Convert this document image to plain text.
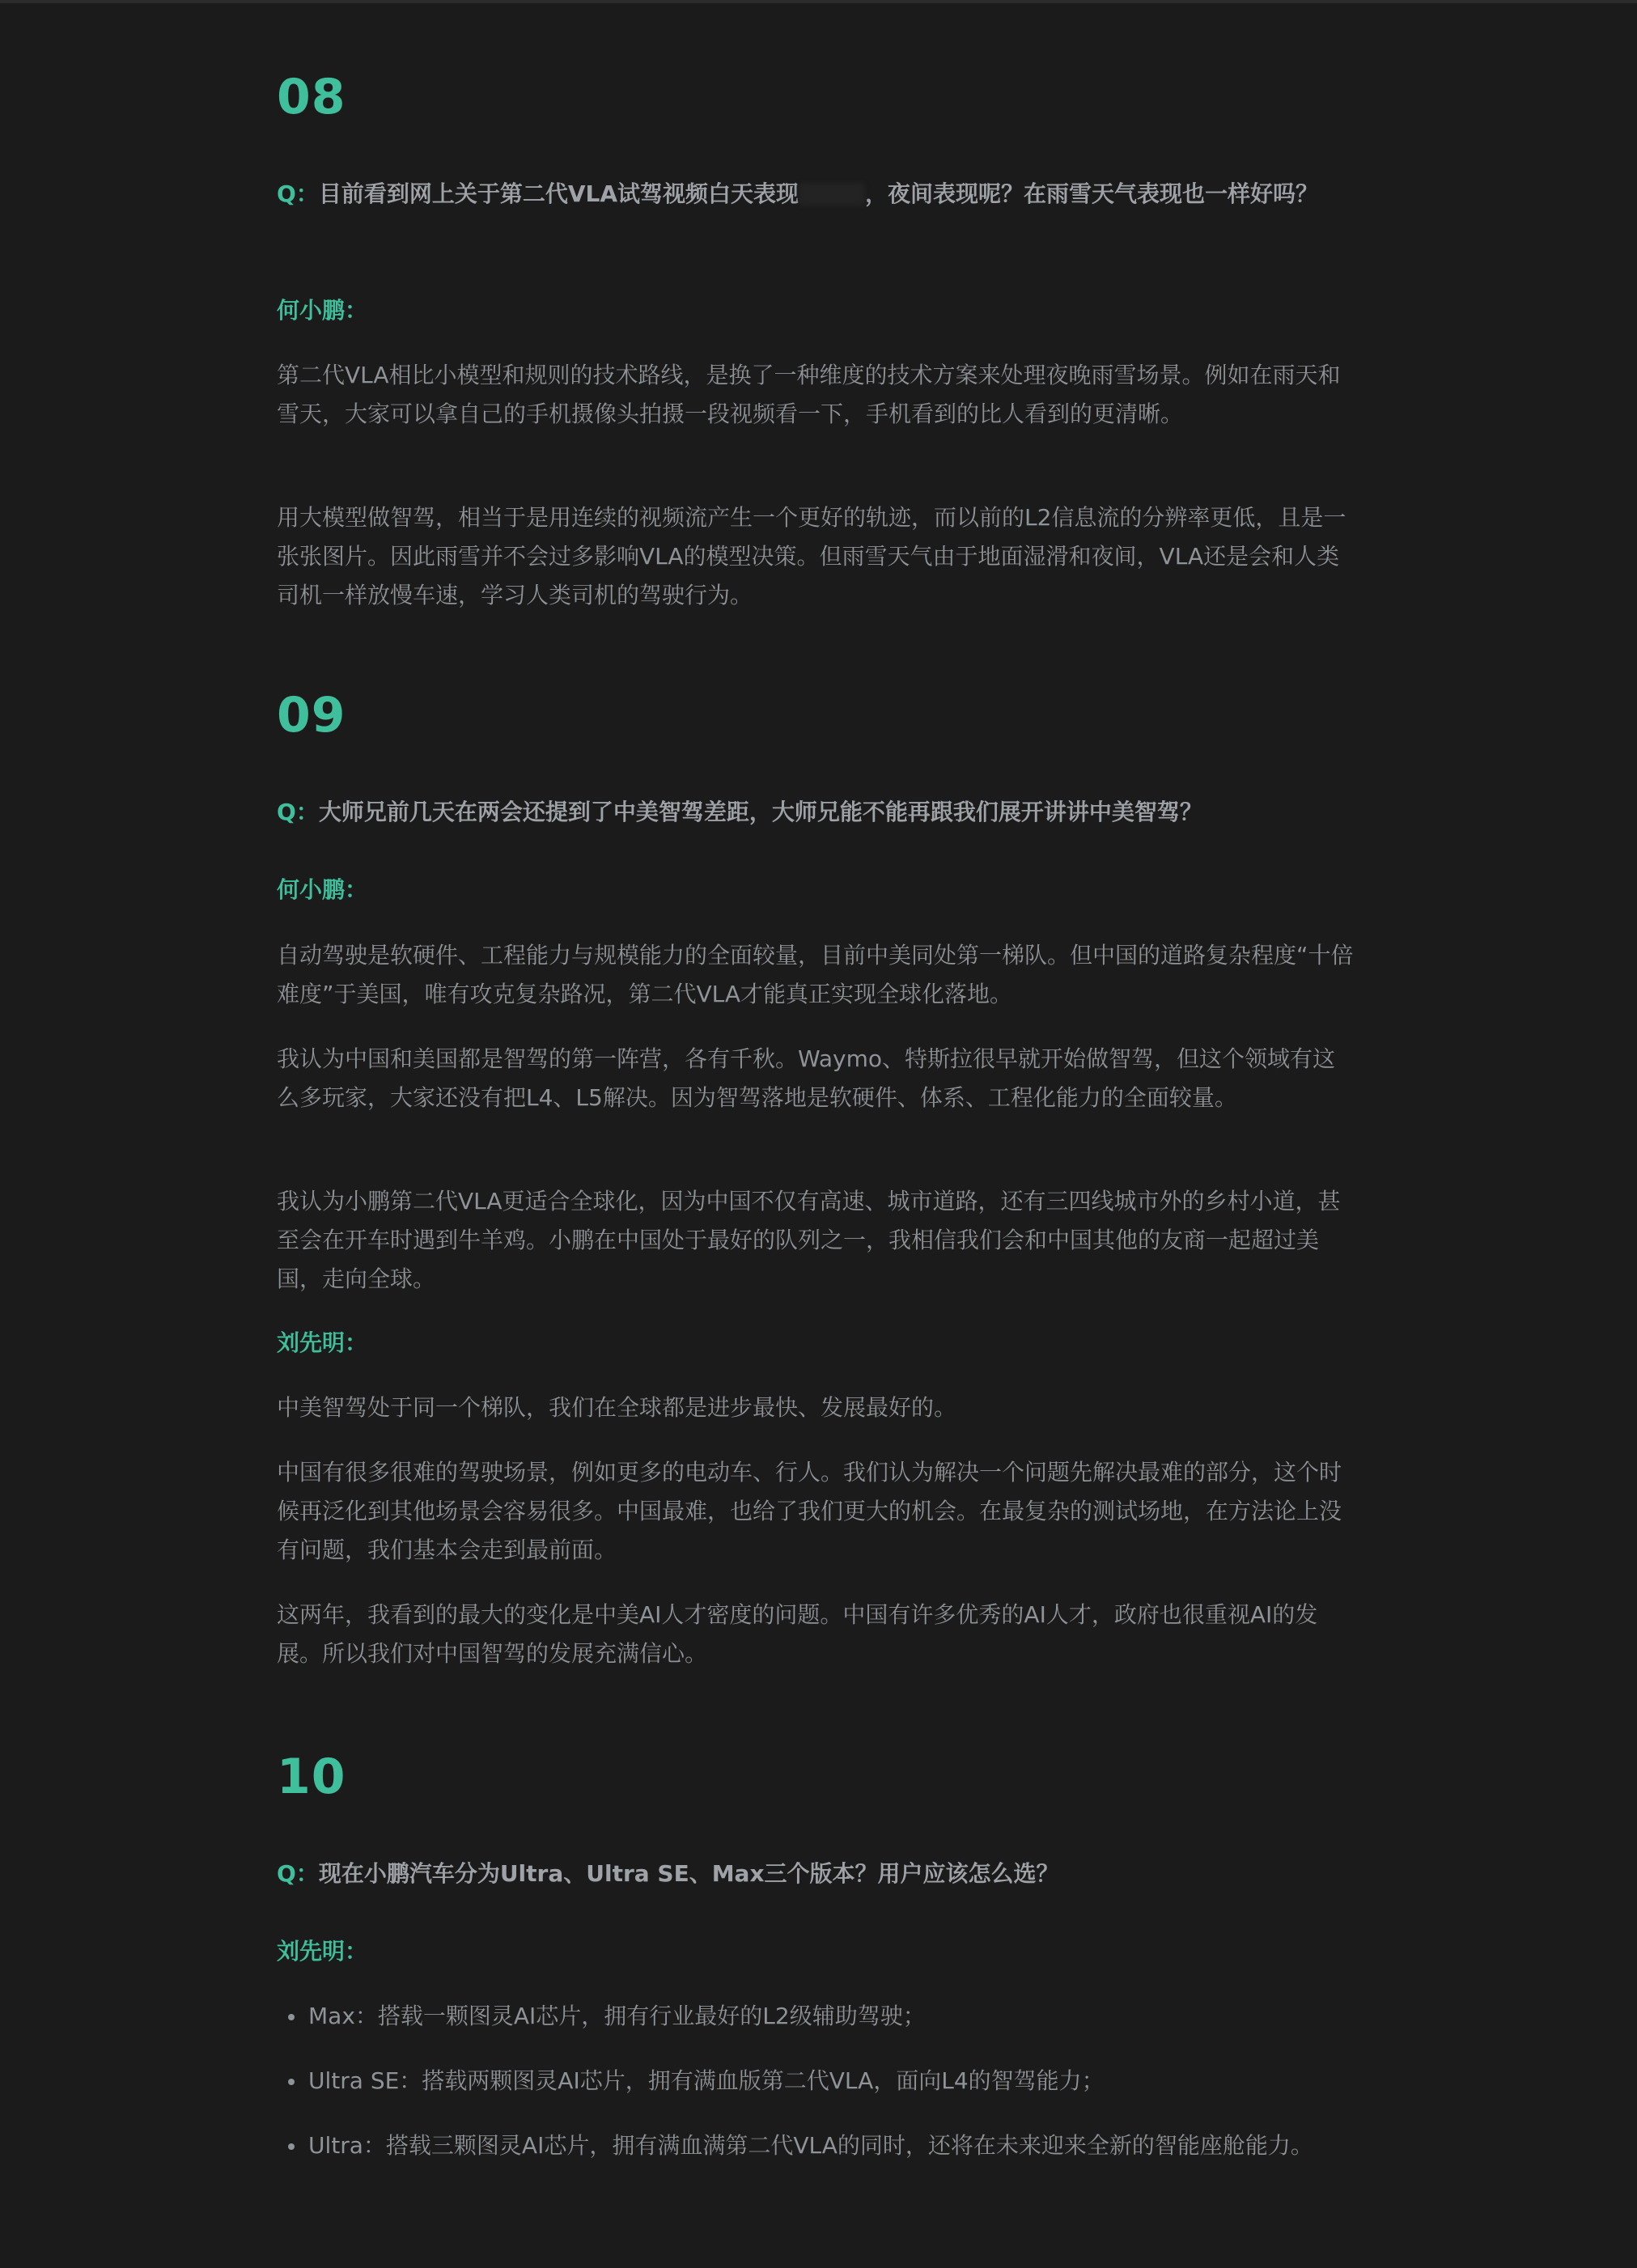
08

Q：目前看到网上关于第二代VLA试驾视频白天表现	，夜间表现呢？在雨雪天气表现也一样好吗？

何小鹏：

第二代VLA相比小模型和规则的技术路线，是换了一种维度的技术方案来处理夜晚雨雪场景。例如在雨天和雪天，大家可以拿自己的手机摄像头拍摄一段视频看一下，手机看到的比人看到的更清晰。

用大模型做智驾，相当于是用连续的视频流产生一个更好的轨迹，而以前的L2信息流的分辨率更低，且是一张张图片。因此雨雪并不会过多影响VLA的模型决策。但雨雪天气由于地面湿滑和夜间，VLA还是会和人类司机一样放慢车速，学习人类司机的驾驶行为。

09

Q：大师兄前几天在两会还提到了中美智驾差距，大师兄能不能再跟我们展开讲讲中美智驾？

何小鹏：

自动驾驶是软硬件、工程能力与规模能力的全面较量，目前中美同处第一梯队。但中国的道路复杂程度“十倍难度”于美国，唯有攻克复杂路况，第二代VLA才能真正实现全球化落地。

我认为中国和美国都是智驾的第一阵营，各有千秋。Waymo、特斯拉很早就开始做智驾，但这个领域有这么多玩家，大家还没有把L4、L5解决。因为智驾落地是软硬件、体系、工程化能力的全面较量。

我认为小鹏第二代VLA更适合全球化，因为中国不仅有高速、城市道路，还有三四线城市外的乡村小道，甚至会在开车时遇到牛羊鸡。小鹏在中国处于最好的队列之一，我相信我们会和中国其他的友商一起超过美国，走向全球。

刘先明：

中美智驾处于同一个梯队，我们在全球都是进步最快、发展最好的。

中国有很多很难的驾驶场景，例如更多的电动车、行人。我们认为解决一个问题先解决最难的部分，这个时候再泛化到其他场景会容易很多。中国最难，也给了我们更大的机会。在最复杂的测试场地，在方法论上没有问题，我们基本会走到最前面。

这两年，我看到的最大的变化是中美AI人才密度的问题。中国有许多优秀的AI人才，政府也很重视AI的发展。所以我们对中国智驾的发展充满信心。

10

Q：现在小鹏汽车分为Ultra、Ultra SE、Max三个版本？用户应该怎么选？

刘先明：

Max：搭载一颗图灵AI芯片，拥有行业最好的L2级辅助驾驶；
Ultra SE：搭载两颗图灵AI芯片，拥有满血版第二代VLA，面向L4的智驾能力；
Ultra：搭载三颗图灵AI芯片，拥有满血满第二代VLA的同时，还将在未来迎来全新的智能座舱能力。
